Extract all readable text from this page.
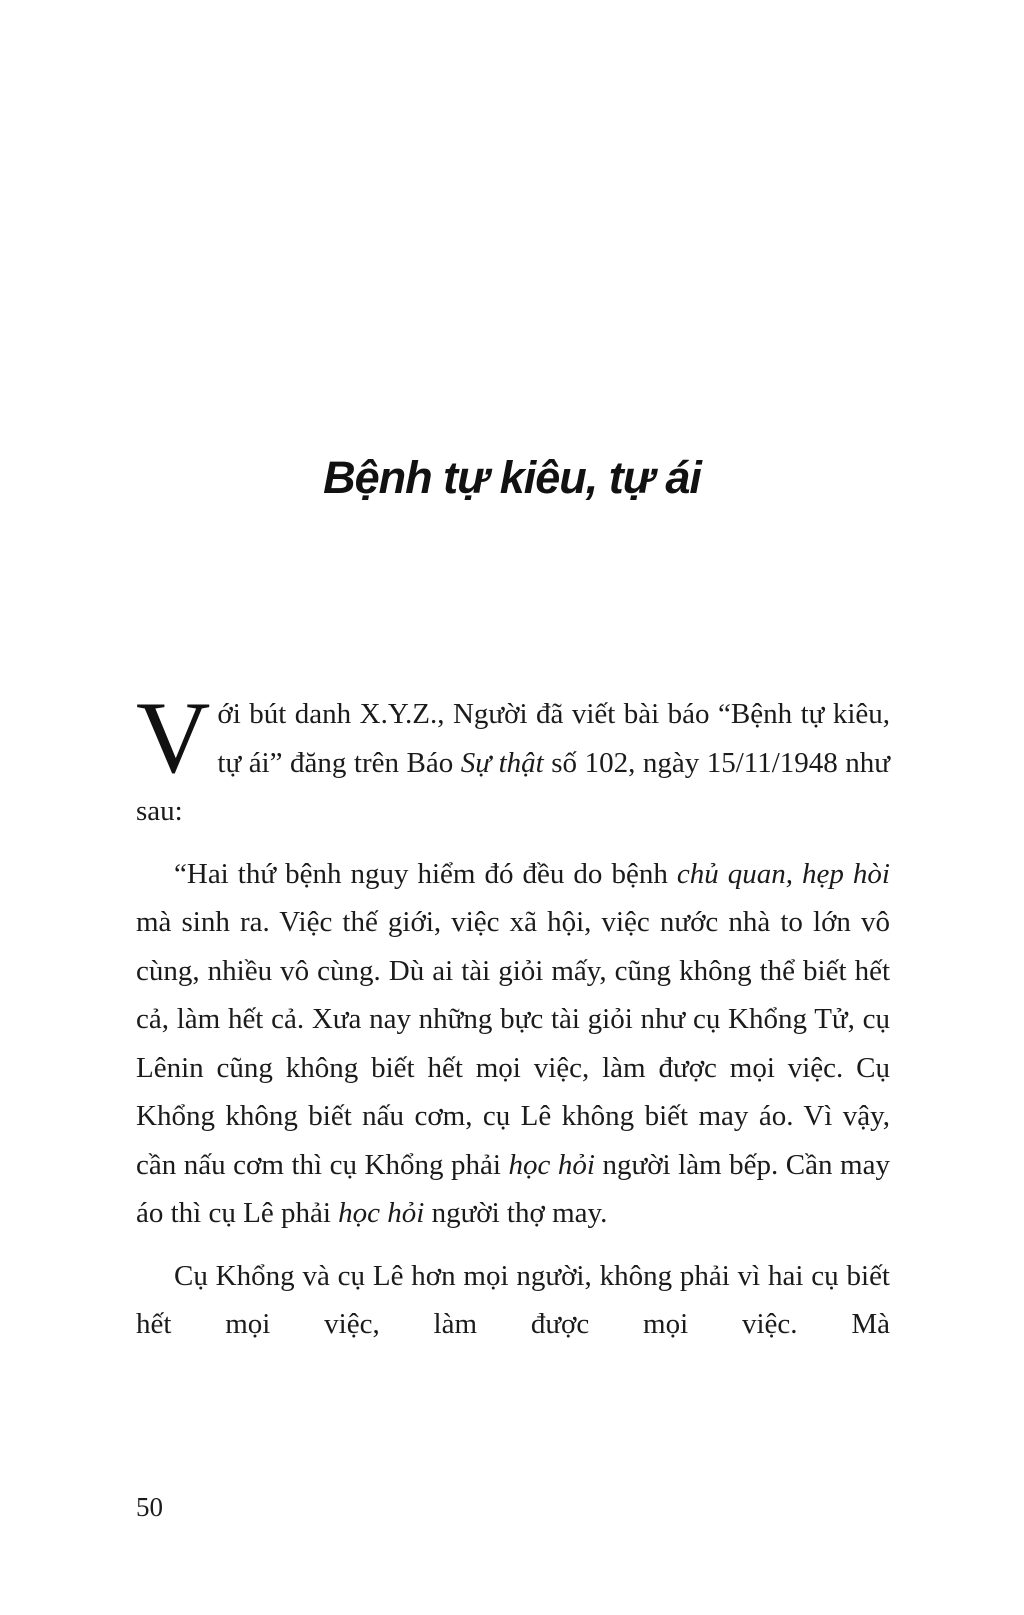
Bệnh tự kiêu, tự ái

Với bút danh X.Y.Z., Người đã viết bài báo “Bệnh tự kiêu, tự ái” đăng trên Báo Sự thật số 102, ngày 15/11/1948 như sau:

“Hai thứ bệnh nguy hiểm đó đều do bệnh chủ quan, hẹp hòi mà sinh ra. Việc thế giới, việc xã hội, việc nước nhà to lớn vô cùng, nhiều vô cùng. Dù ai tài giỏi mấy, cũng không thể biết hết cả, làm hết cả. Xưa nay những bực tài giỏi như cụ Khổng Tử, cụ Lênin cũng không biết hết mọi việc, làm được mọi việc. Cụ Khổng không biết nấu cơm, cụ Lê không biết may áo. Vì vậy, cần nấu cơm thì cụ Khổng phải học hỏi người làm bếp. Cần may áo thì cụ Lê phải học hỏi người thợ may.

Cụ Khổng và cụ Lê hơn mọi người, không phải vì hai cụ biết hết mọi việc, làm được mọi việc. Mà

50
